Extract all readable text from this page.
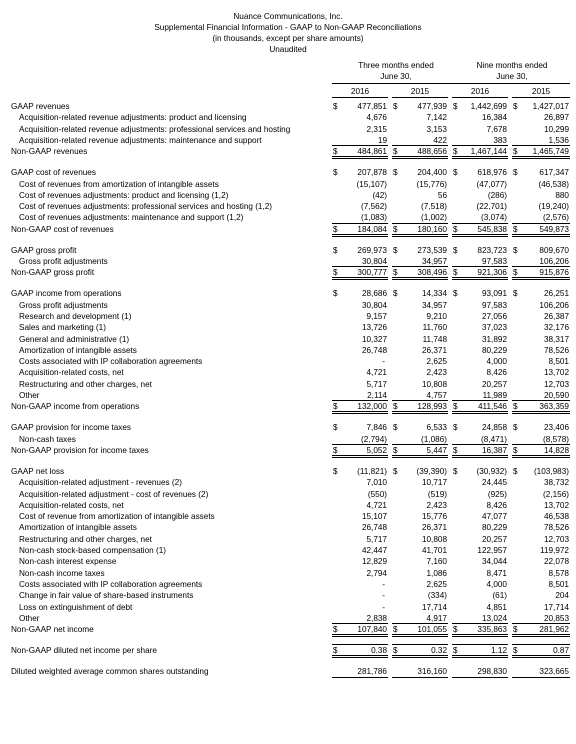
Nuance Communications, Inc.
Supplemental Financial Information - GAAP to Non-GAAP Reconciliations
(in thousands, except per share amounts)
Unaudited
Three months ended
June 30,
Nine months ended
June 30,
2016	2015	2016	2015
GAAP revenues	$ 477,851 $ 477,939 $ 1,442,699 $ 1,427,017
Acquisition-related revenue adjustments: product and licensing	4,676	7,142	16,384	26,897
Acquisition-related revenue adjustments: professional services and hosting	2,315	3,153	7,678	10,299
Acquisition-related revenue adjustments: maintenance and support	19	422	383	1,536
Non-GAAP revenues	$ 484,861 $ 488,656 $ 1,467,144 $ 1,465,749
GAAP cost of revenues	$ 207,878 $ 204,400 $ 618,976 $	617,347
Cost of revenues from amortization of intangible assets	(15,107)	(15,776)	(47,077)	(46,538)
Cost of revenues adjustments: product and licensing (1,2)	(42)	56	(286)	880
Cost of revenues adjustments: professional services and hosting (1,2)	(7,562)	(7,518)	(22,701)	(19,240)
Cost of revenues adjustments: maintenance and support (1,2)	(1,083)	(1,002)	(3,074)	(2,576)
Non-GAAP cost of revenues	$ 184,084 $ 180,160 $ 545,838 $	549,873
GAAP gross profit	$ 269,973 $ 273,539 $ 823,723 $	809,670
Gross profit adjustments	30,804	34,957	97,583	106,206
Non-GAAP gross profit	$ 300,777 $ 308,496 $ 921,306 $	915,876
GAAP income from operations	$	28,686 $	14,334 $	93,091 $	26,251
Gross profit adjustments	30,804	34,957	97,583	106,206
Research and development (1)	9,157	9,210	27,056	26,387
Sales and marketing (1)	13,726	11,760	37,023	32,176
General and administrative (1)	10,327	11,748	31,892	38,317
Amortization of intangible assets	26,748	26,371	80,229	78,526
Costs associated with IP collaboration agreements	-	2,625	4,000	8,501
Acquisition-related costs, net	4,721	2,423	8,426	13,702
Restructuring and other charges, net	5,717	10,808	20,257	12,703
Other	2,114	4,757	11,989	20,590
Non-GAAP income from operations	$ 132,000 $ 128,993 $ 411,546 $	363,359
GAAP provision for income taxes	$	7,846 $	6,533 $	24,858 $	23,406
Non-cash taxes	(2,794)	(1,086)	(8,471)	(8,578)
Non-GAAP provision for income taxes	$	5,052 $	5,447 $	16,387 $	14,828
GAAP net loss	$ (11,821) $ (39,390) $ (30,932) $ (103,983)
Acquisition-related adjustment - revenues (2)	7,010	10,717	24,445	38,732
Acquisition-related adjustment - cost of revenues (2)	(550)	(519)	(925)	(2,156)
Acquisition-related costs, net	4,721	2,423	8,426	13,702
Cost of revenue from amortization of intangible assets	15,107	15,776	47,077	46,538
Amortization of intangible assets	26,748	26,371	80,229	78,526
Restructuring and other charges, net	5,717	10,808	20,257	12,703
Non-cash stock-based compensation (1)	42,447	41,701	122,957	119,972
Non-cash interest expense	12,829	7,160	34,044	22,078
Non-cash income taxes	2,794	1,086	8,471	8,578
Costs associated with IP collaboration agreements	-	2,625	4,000	8,501
Change in fair value of share-based instruments	-	(334)	(61)	204
Loss on extinguishment of debt	-	17,714	4,851	17,714
Other	2,838	4,917	13,024	20,853
Non-GAAP net income	$ 107,840 $ 101,055 $ 335,863 $	281,962
Non-GAAP diluted net income per share	$	0.38 $	0.32 $	1.12 $	0.87
Diluted weighted average common shares outstanding	281,786	316,160	298,830	323,665
